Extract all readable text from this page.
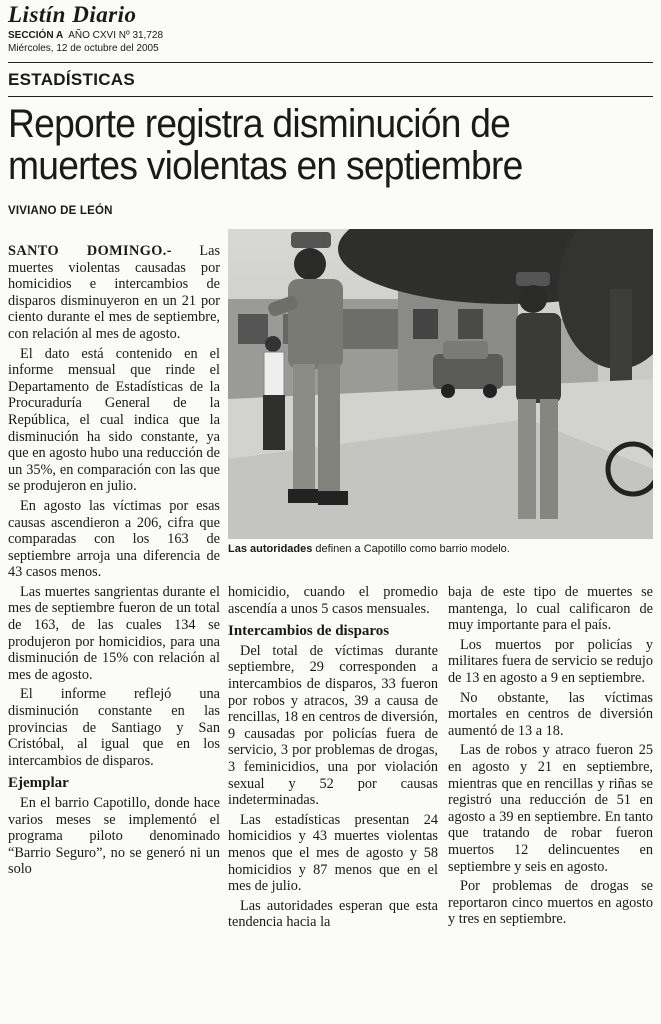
Listín Diario
SECCIÓN A AÑO CXVI Nº 31,728
Miércoles, 12 de octubre del 2005
ESTADÍSTICAS
Reporte registra disminución de
muertes violentas en septiembre
VIVIANO DE LEÓN
Las autoridades definen a Capotillo como barrio modelo.

SANTO DOMINGO.- Las muertes violentas causadas por homicidios e intercambios de disparos disminuyeron en un 21 por ciento durante el mes de septiembre, con relación al mes de agosto.

El dato está contenido en el informe mensual que rinde el Departamento de Estadísticas de la Procuraduría General de la República, el cual indica que la disminución ha sido constante, ya que en agosto hubo una reducción de un 35%, en comparación con las que se produjeron en julio.

En agosto las víctimas por esas causas ascendieron a 206, cifra que comparadas con los 163 de septiembre arroja una diferencia de 43 casos menos.

Las muertes sangrientas durante el mes de septiembre fueron de un total de 163, de las cuales 134 se produjeron por homicidios, para una disminución de 15% con relación al mes de agosto.

El informe reflejó una disminución constante en las provincias de Santiago y San Cristóbal, al igual que en los intercambios de disparos.

Ejemplar

En el barrio Capotillo, donde hace varios meses se implementó el programa piloto denominado “Barrio Seguro”, no se generó ni un solo

homicidio, cuando el promedio ascendía a unos 5 casos mensuales.

Intercambios de disparos

Del total de víctimas durante septiembre, 29 corresponden a intercambios de disparos, 33 fueron por robos y atracos, 39 a causa de rencillas, 18 en centros de diversión, 9 causadas por policías fuera de servicio, 3 por problemas de drogas, 3 feminicidios, una por violación sexual y 52 por causas indeterminadas.

Las estadísticas presentan 24 homicidios y 43 muertes violentas menos que el mes de agosto y 58 homicidios y 87 menos que en el mes de julio.

Las autoridades esperan que esta tendencia hacia la

baja de este tipo de muertes se mantenga, lo cual calificaron de muy importante para el país.

Los muertos por policías y militares fuera de servicio se redujo de 13 en agosto a 9 en septiembre.

No obstante, las víctimas mortales en centros de diversión aumentó de 13 a 18.

Las de robos y atraco fueron 25 en agosto y 21 en septiembre, mientras que en rencillas y riñas se registró una reducción de 51 en agosto a 39 en septiembre. En tanto que tratando de robar fueron muertos 12 delincuentes en septiembre y seis en agosto.

Por problemas de drogas se reportaron cinco muertos en agosto y tres en septiembre.
